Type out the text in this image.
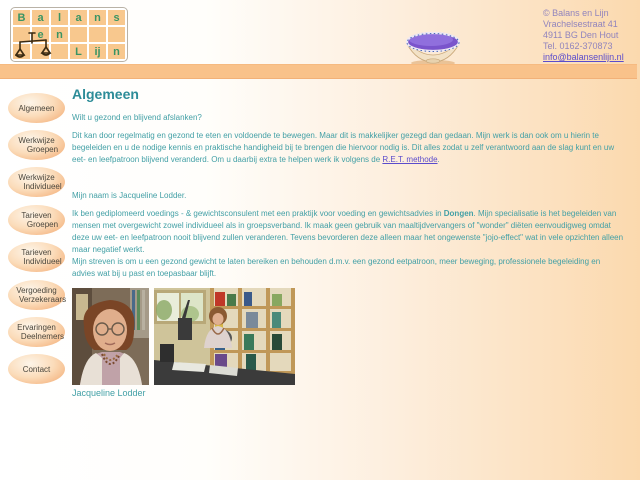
B	a	l	a	n	s
e	n
L	ij	n
© Balans en Lijn
Vrachelsestraat 41
4911 BG Den Hout
Tel. 0162-370873
info@balansenlijn.nl
Algemeen
Werkwijze
Groepen
Werkwijze
Individueel
Tarieven
Groepen
Tarieven
Individueel
Vergoeding
Verzekeraars
Ervaringen
Deelnemers
Contact
Algemeen

Wilt u gezond en blijvend afslanken?

Dit kan door regelmatig en gezond te eten en voldoende te bewegen. Maar dit is makkelijker gezegd dan gedaan. Mijn werk is dan ook om u hierin te begeleiden en u de nodige kennis en praktische handigheid bij te brengen die hiervoor nodig is. Dit alles zodat u zelf verantwoord aan de slag kunt en uw eet- en leefpatroon blijvend veranderd. Om u daarbij extra te helpen werk ik volgens de R.E.T. methode.

Mijn naam is Jacqueline Lodder.

Ik ben gediplomeerd voedings - & gewichtsconsulent met een praktijk voor voeding en gewichtsadvies in Dongen. Mijn specialisatie is het begeleiden van mensen met overgewicht zowel individueel als in groepsverband. Ik maak geen gebruik van maaltijdvervangers of "wonder" diëten eenvoudigweg omdat deze uw eet- en leefpatroon nooit blijvend zullen veranderen. Tevens bevorderen deze alleen maar het ongewenste "jojo-effect" wat in vele opzichten alleen maar negatief werkt.
Mijn streven is om u een gezond gewicht te laten bereiken en behouden d.m.v. een gezond eetpatroon, meer beweging, professionele begeleiding en advies wat bij u past en toepasbaar blijft.

Jacqueline Lodder
